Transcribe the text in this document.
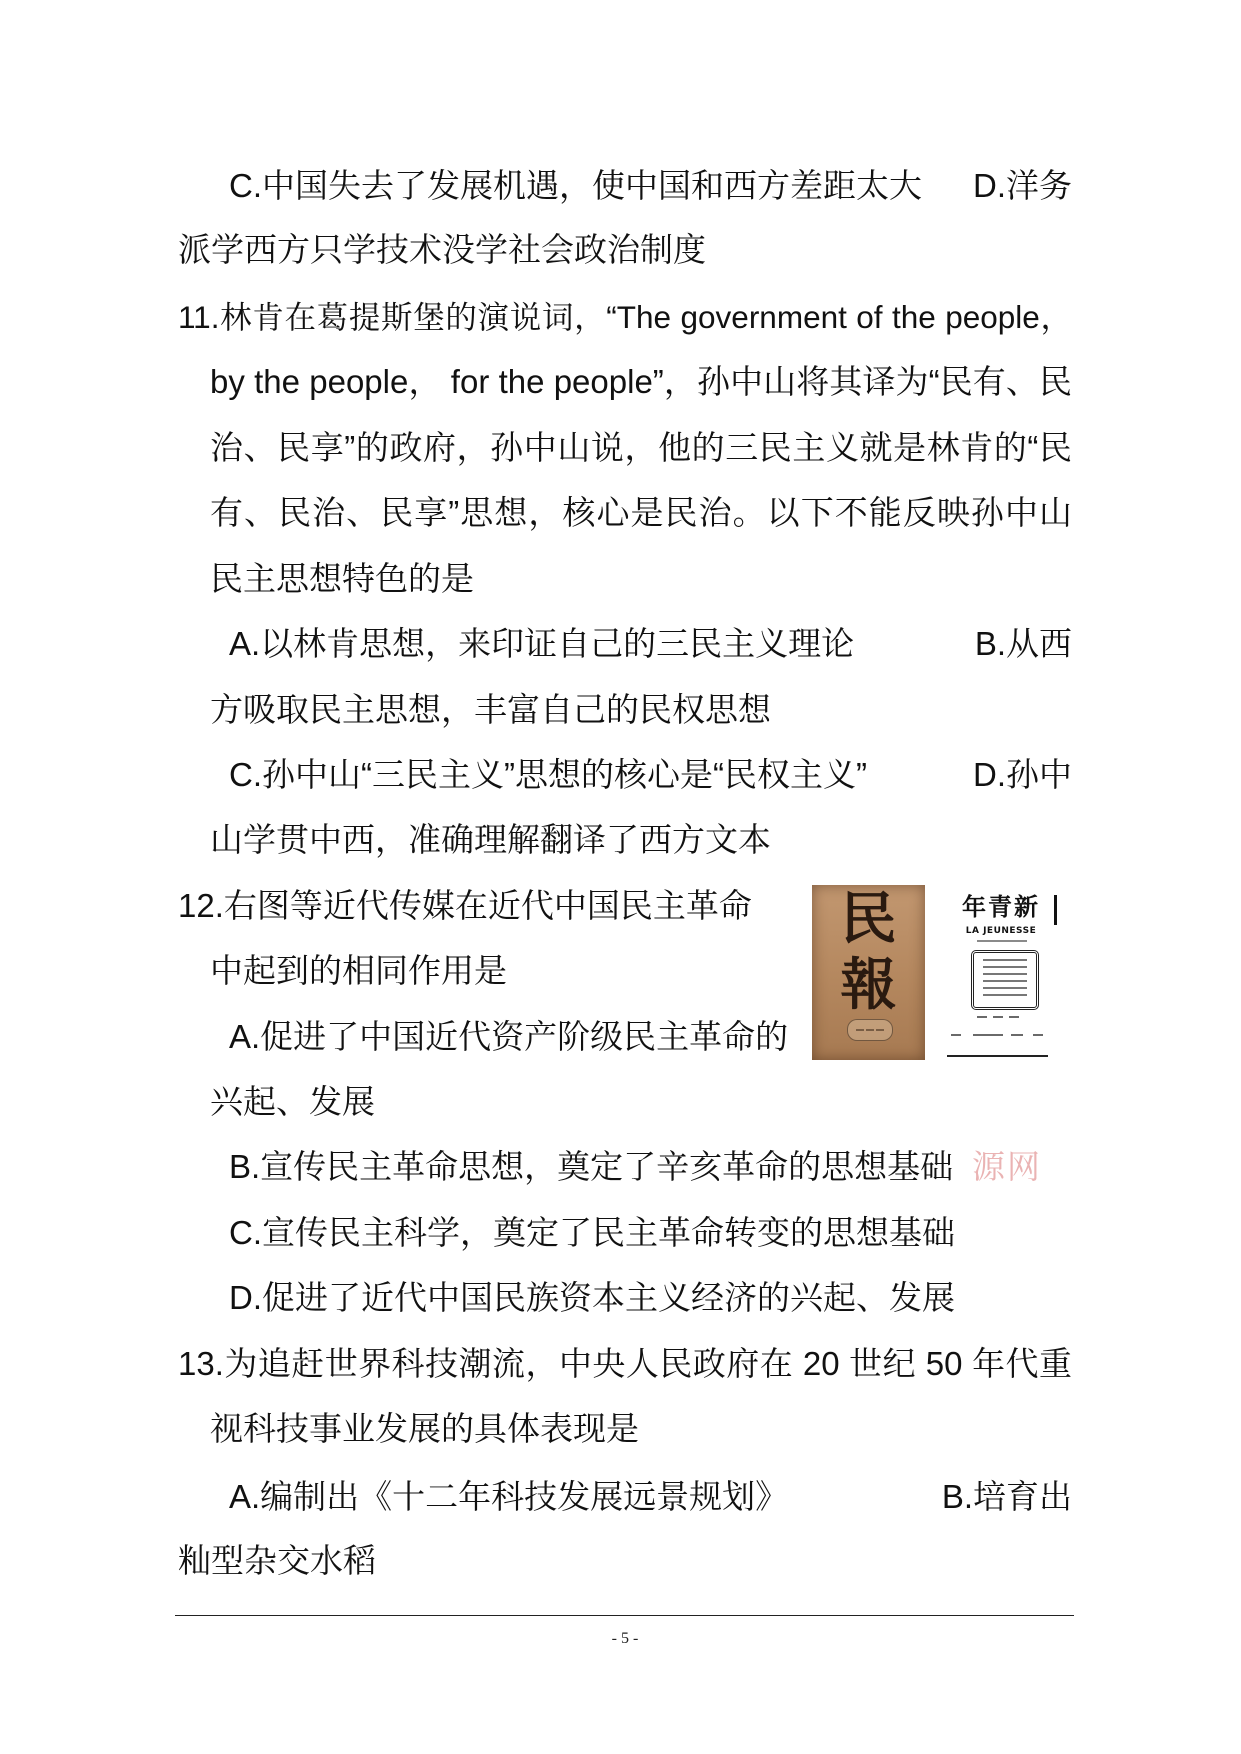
C.中国失去了发展机遇，使中国和西方差距太大 D.洋务
派学西方只学技术没学社会政治制度
11.林肯在葛提斯堡的演说词，“The government of the people，
by the people， for the people”，孙中山将其译为“民有、民
治、民享”的政府，孙中山说，他的三民主义就是林肯的“民
有、民治、民享”思想，核心是民治。以下不能反映孙中山
民主思想特色的是
A.以林肯思想，来印证自己的三民主义理论	B.从西
方吸取民主思想，丰富自己的民权思想
C.孙中山“三民主义”思想的核心是“民权主义”	D.孙中
山学贯中西，准确理解翻译了西方文本
12.右图等近代传媒在近代中国民主革命
中起到的相同作用是
A.促进了中国近代资产阶级民主革命的
兴起、发展
B.宣传民主革命思想，奠定了辛亥革命的思想基础 源网
C.宣传民主科学，奠定了民主革命转变的思想基础
D.促进了近代中国民族资本主义经济的兴起、发展
民
報
年青新
LA JEUNESSE
13.为追赶世界科技潮流，中央人民政府在 20 世纪 50 年代重
视科技事业发展的具体表现是
A.编制出《十二年科技发展远景规划》	B.培育出
籼型杂交水稻
- 5 -
